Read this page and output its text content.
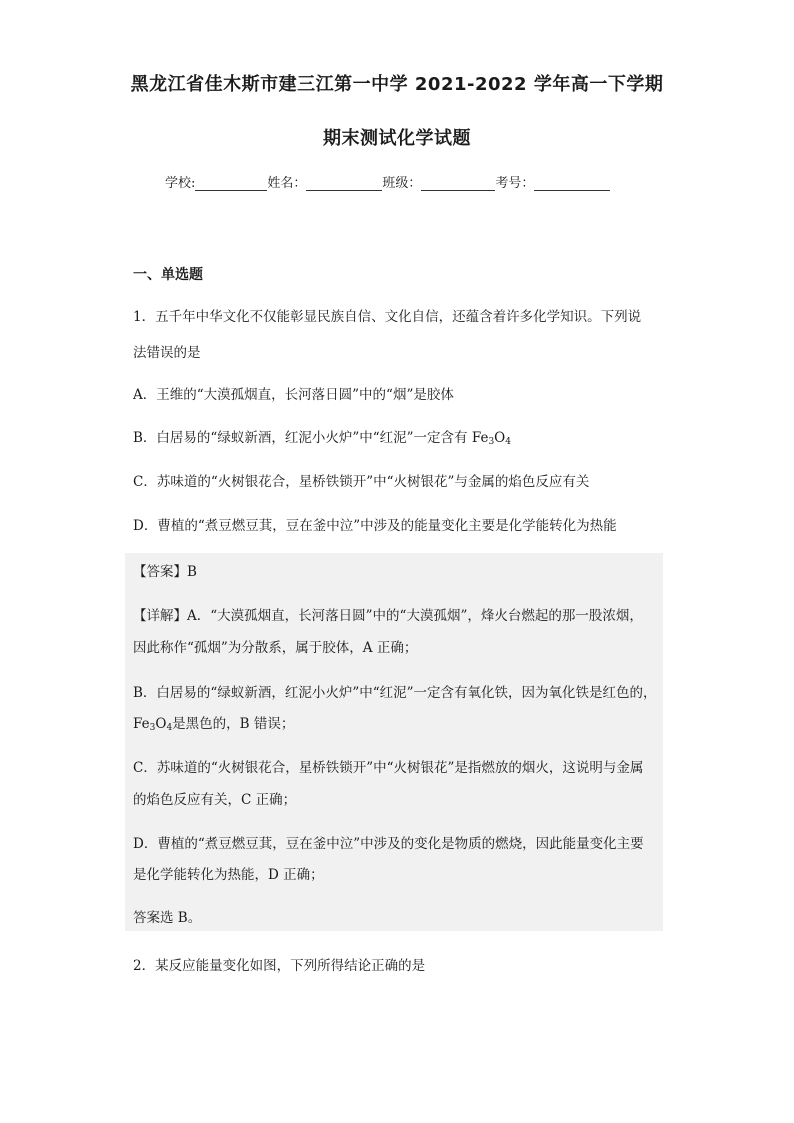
黑龙江省佳木斯市建三江第一中学 2021-2022 学年高一下学期
期末测试化学试题
学校:	姓名：	班级：	考号：
一、单选题

1．五千年中华文化不仅能彰显民族自信、文化自信，还蕴含着许多化学知识。下列说

法错误的是

A．王维的“大漠孤烟直，长河落日圆”中的“烟”是胶体

B．白居易的“绿蚁新酒，红泥小火炉”中“红泥”一定含有 $Fe_3O_4$

C．苏味道的“火树银花合，星桥铁锁开”中“火树银花”与金属的焰色反应有关

D．曹植的“煮豆燃豆萁，豆在釜中泣”中涉及的能量变化主要是化学能转化为热能

【答案】B

【详解】A．“大漠孤烟直，长河落日圆”中的“大漠孤烟”，烽火台燃起的那一股浓烟，

因此称作“孤烟”为分散系，属于胶体，A 正确；

B．白居易的“绿蚁新酒，红泥小火炉”中“红泥”一定含有氧化铁，因为氧化铁是红色的，

$Fe_3O_4$是黑色的，B 错误；

C．苏味道的“火树银花合，星桥铁锁开”中“火树银花”是指燃放的烟火，这说明与金属

的焰色反应有关，C 正确；

D．曹植的“煮豆燃豆萁，豆在釜中泣”中涉及的变化是物质的燃烧，因此能量变化主要

是化学能转化为热能，D 正确；

答案选 B。

2．某反应能量变化如图，下列所得结论正确的是
